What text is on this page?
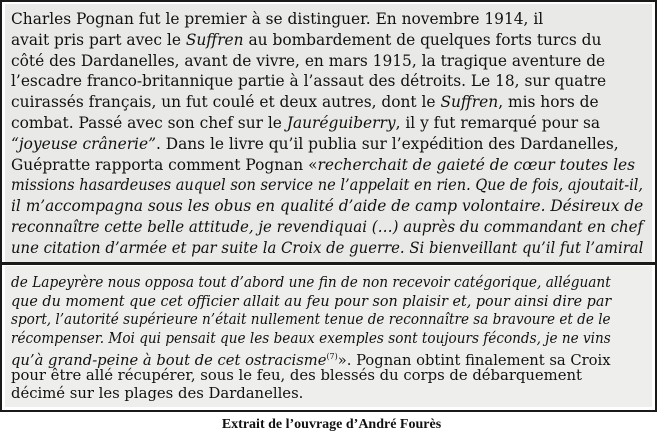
Charles Pognan fut le premier à se distinguer. En novembre 1914, il
avait pris part avec le Suffren au bombardement de quelques forts turcs du
côté des Dardanelles, avant de vivre, en mars 1915, la tragique aventure de
l’escadre franco-britannique partie à l’assaut des détroits. Le 18, sur quatre
cuirassés français, un fut coulé et deux autres, dont le Suffren, mis hors de
combat. Passé avec son chef sur le Jauréguiberry, il y fut remarqué pour sa
“joyeuse crânerie”. Dans le livre qu’il publia sur l’expédition des Dardanelles,
Guépratte rapporta comment Pognan «recherchait de gaieté de cœur toutes les
missions hasardeuses auquel son service ne l’appelait en rien. Que de fois, ajoutait-il,
il m’accompagna sous les obus en qualité d’aide de camp volontaire. Désireux de
reconnaître cette belle attitude, je revendiquai (…) auprès du commandant en chef
une citation d’armée et par suite la Croix de guerre. Si bienveillant qu’il fut l’amiral
de Lapeyrère nous opposa tout d’abord une fin de non recevoir catégorique, alléguant
que du moment que cet officier allait au feu pour son plaisir et, pour ainsi dire par
sport, l’autorité supérieure n’était nullement tenue de reconnaître sa bravoure et de le
récompenser. Moi qui pensait que les beaux exemples sont toujours féconds, je ne vins
qu’à grand-peine à bout de cet ostracisme$^{(7)}$». Pognan obtint finalement sa Croix
pour être allé récupérer, sous le feu, des blessés du corps de débarquement
décimé sur les plages des Dardanelles.
Extrait de l’ouvrage d’André Fourès
